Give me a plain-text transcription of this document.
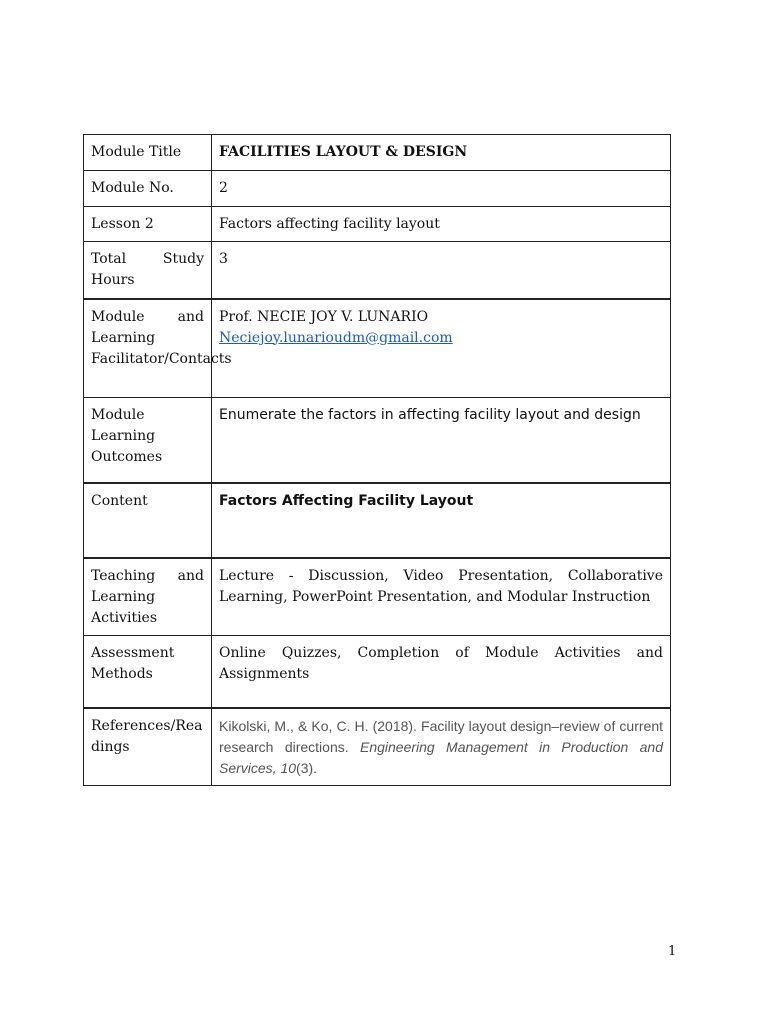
Module Title	FACILITIES LAYOUT & DESIGN
Module No.	2
Lesson 2	Factors affecting facility layout
Total Study Hours	3
Module and Learning Facilitator/Contacts	Prof. NECIE JOY V. LUNARIO
Neciejoy.lunarioudm@gmail.com

Module Learning Outcomes	Enumerate the factors in affecting facility layout and design
Content	Factors Affecting Facility Layout
Teaching and Learning Activities	Lecture - Discussion, Video Presentation, Collaborative Learning, PowerPoint Presentation, and Modular Instruction
Assessment Methods	Online Quizzes, Completion of Module Activities and Assignments
References/Readings	Kikolski, M., & Ko, C. H. (2018). Facility layout design–review of current research directions. Engineering Management in Production and Services, 10(3).
1
